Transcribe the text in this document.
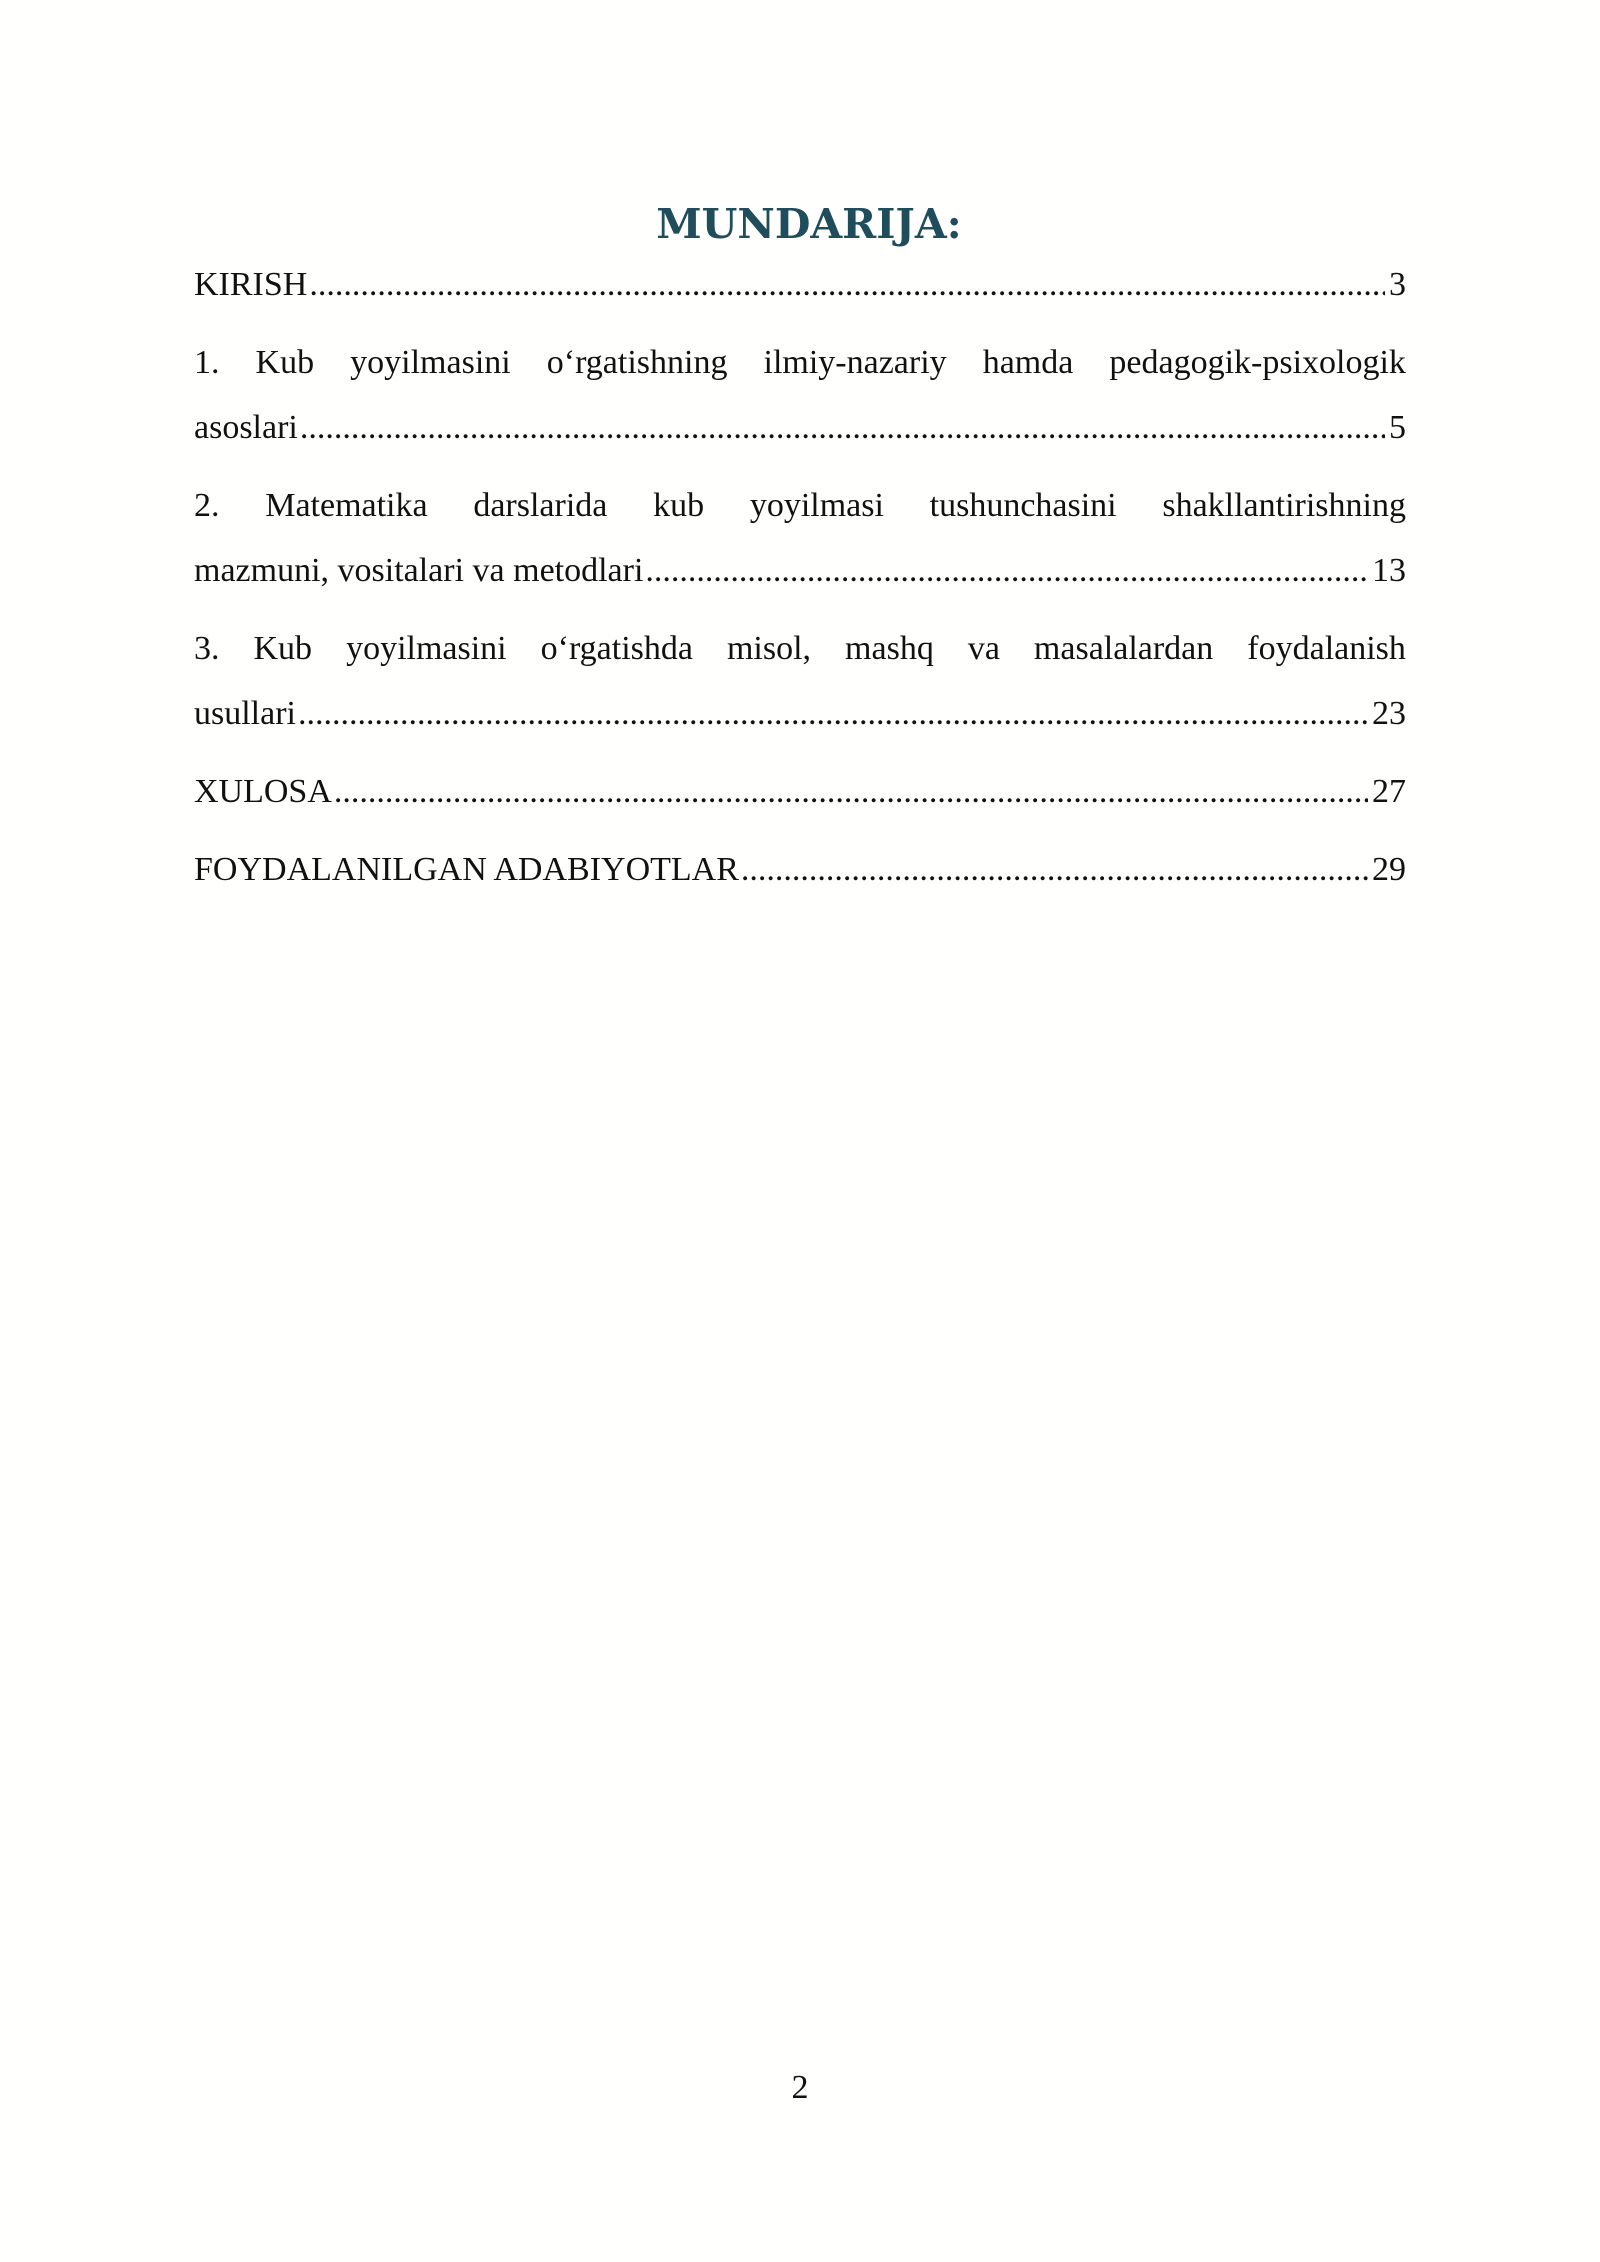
MUNDARIJA:
KIRISH .....	3
1. Kub yoyilmasini o‘rgatishning ilmiy-nazariy hamda pedagogik-psixologik
asoslari .....	5
2. Matematika darslarida kub yoyilmasi tushunchasini shakllantirishning
mazmuni, vositalari va metodlari .....	13
3. Kub yoyilmasini o‘rgatishda misol, mashq va masalalardan foydalanish
usullari .....	23
XULOSA .....	27
FOYDALANILGAN ADABIYOTLAR .....	29
2
